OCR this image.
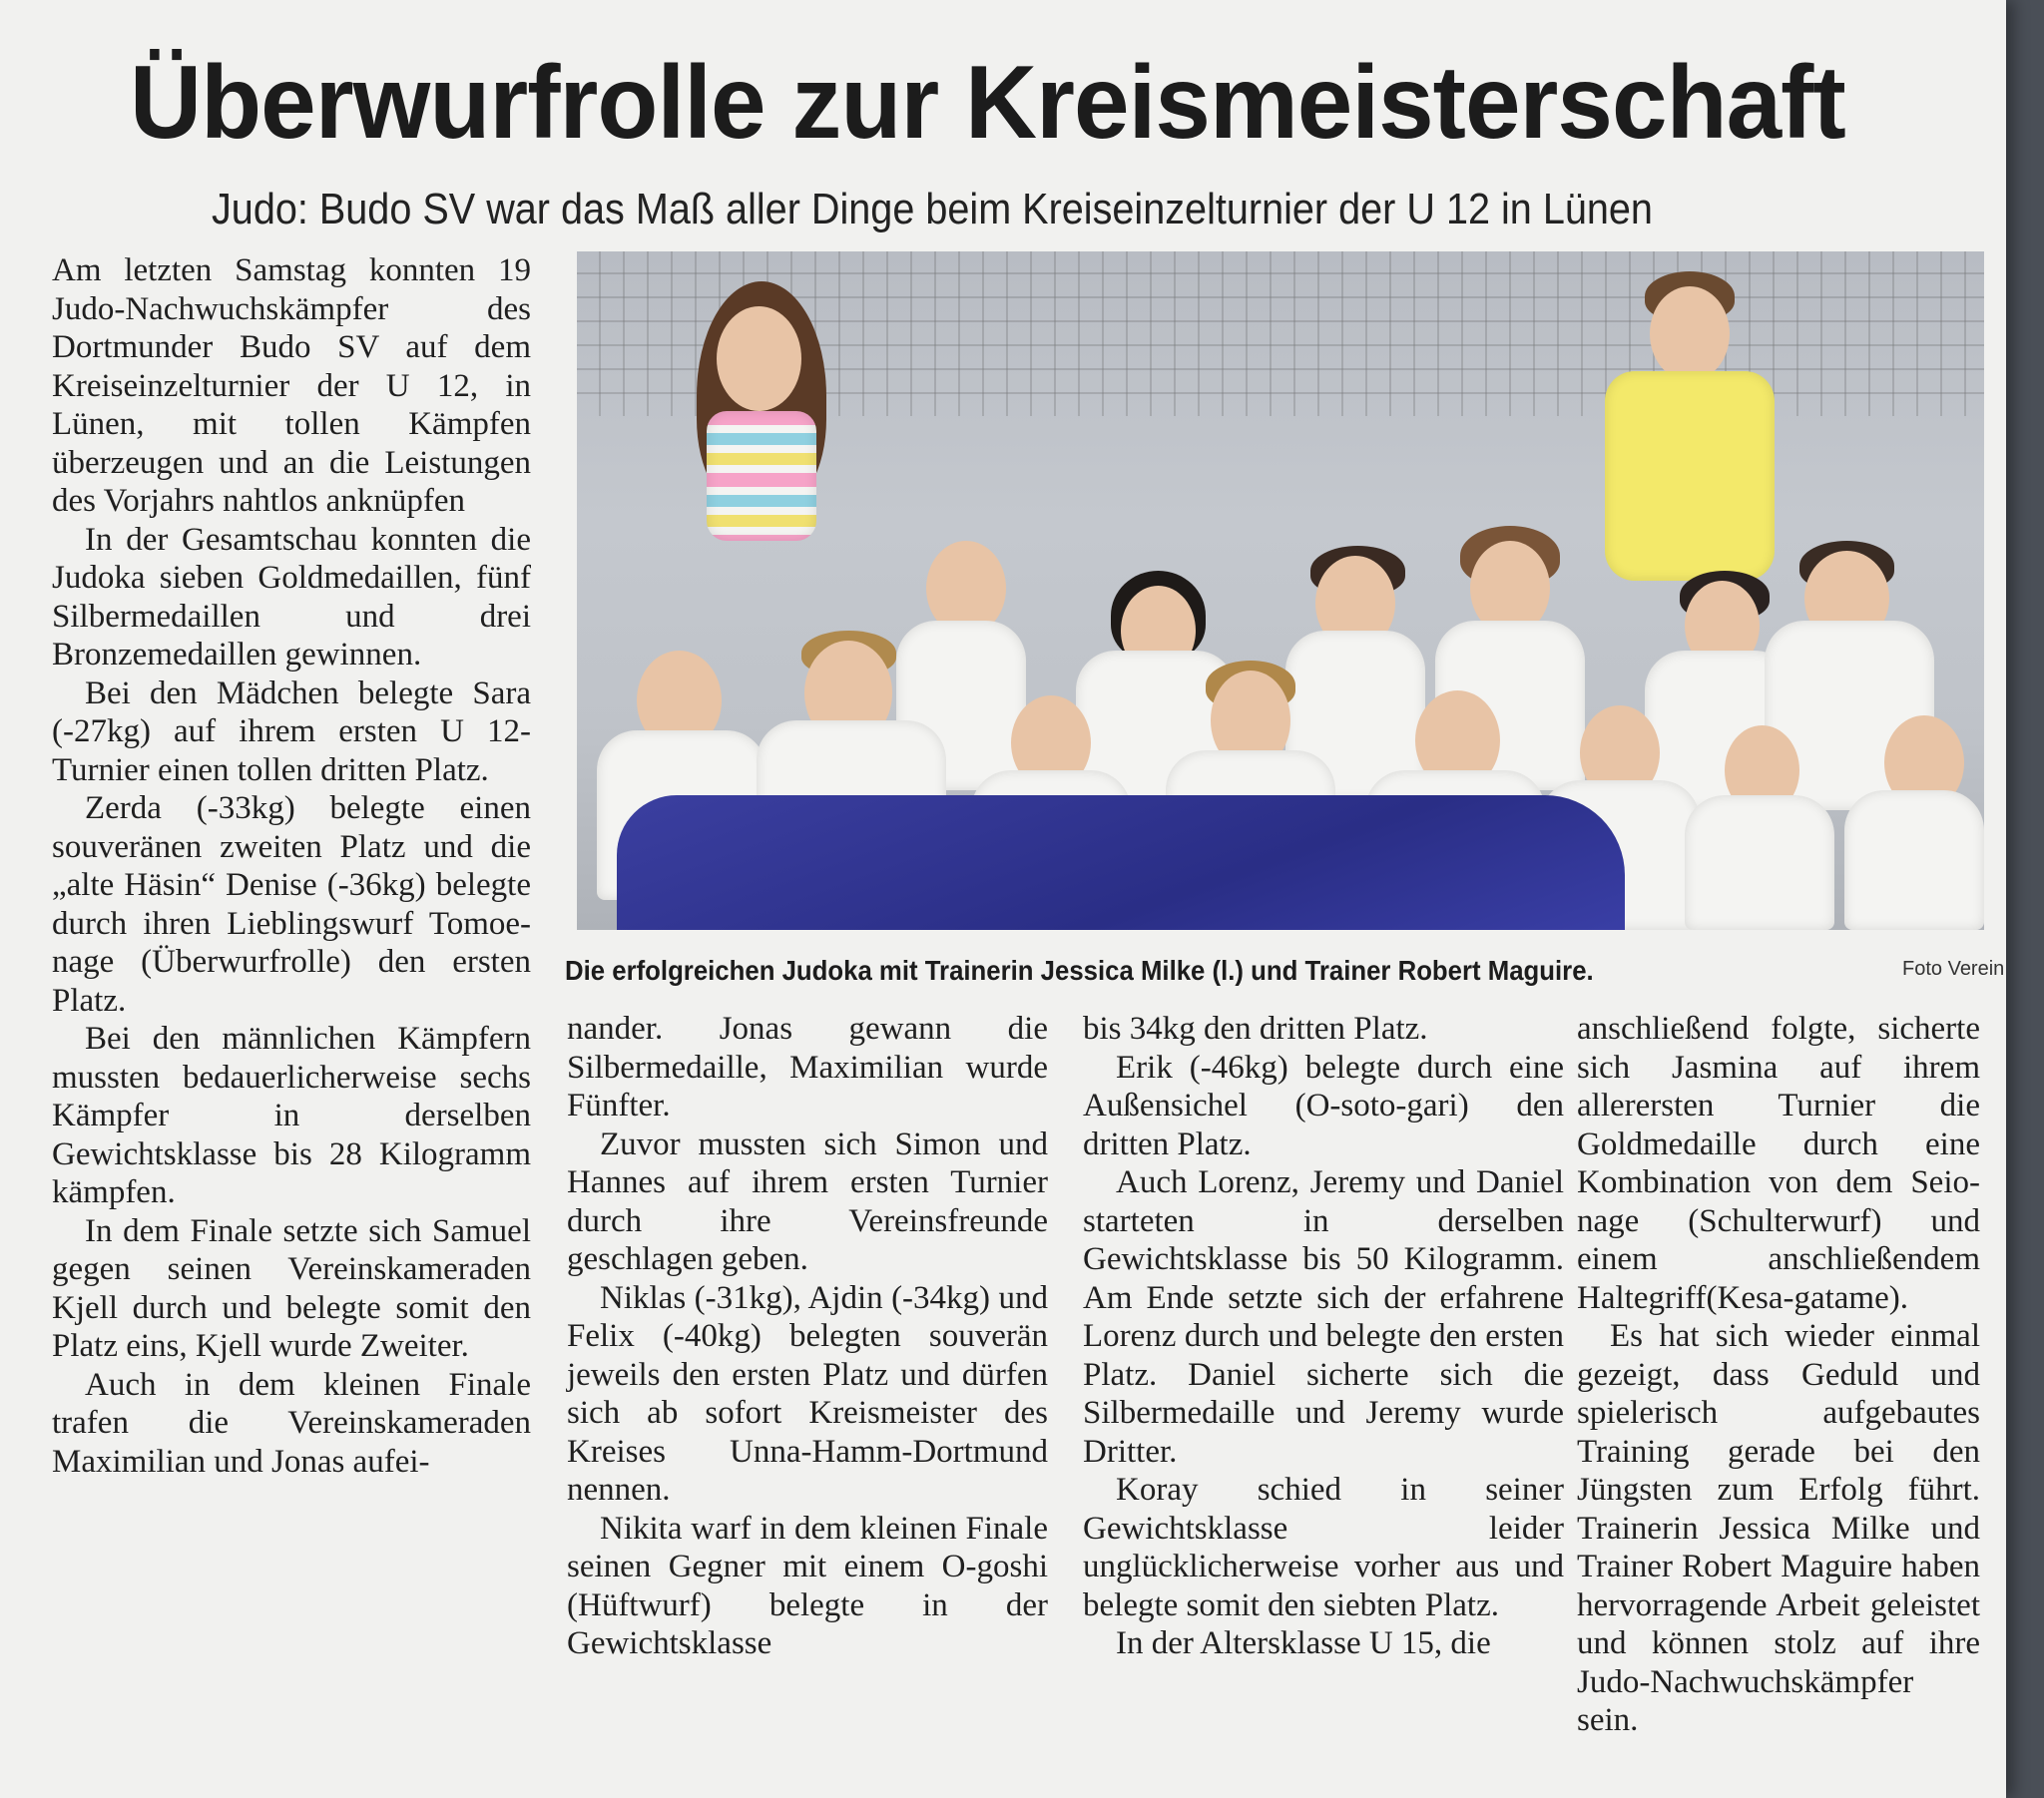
Überwurfrolle zur Kreismeisterschaft
Judo: Budo SV war das Maß aller Dinge beim Kreiseinzelturnier der U 12 in Lünen

Am letzten Samstag konnten 19 Judo-Nachwuchskämpfer des Dortmunder Budo SV auf dem Kreiseinzelturnier der U 12, in Lünen, mit tollen Kämpfen überzeugen und an die Leistungen des Vorjahrs nahtlos anknüpfen

In der Gesamtschau konnten die Judoka sieben Goldmedaillen, fünf Silbermedaillen und drei Bronzemedaillen gewinnen.

Bei den Mädchen belegte Sara (-27kg) auf ihrem ersten U 12-Turnier einen tollen dritten Platz.

Zerda (-33kg) belegte einen souveränen zweiten Platz und die „alte Häsin“ Denise (-36kg) belegte durch ihren Lieblingswurf Tomoe-nage (Überwurfrolle) den ersten Platz.

Bei den männlichen Kämpfern mussten bedauerlicherweise sechs Kämpfer in derselben Gewichtsklasse bis 28 Kilogramm kämpfen.

In dem Finale setzte sich Samuel gegen seinen Vereinskameraden Kjell durch und belegte somit den Platz eins, Kjell wurde Zweiter.

Auch in dem kleinen Finale trafen die Vereinskameraden Maximilian und Jonas aufei-

Die erfolgreichen Judoka mit Trainerin Jessica Milke (l.) und Trainer Robert Maguire.	Foto Verein

nander. Jonas gewann die Silbermedaille, Maximilian wurde Fünfter.

Zuvor mussten sich Simon und Hannes auf ihrem ersten Turnier durch ihre Vereinsfreunde geschlagen geben.

Niklas (-31kg), Ajdin (-34kg) und Felix (-40kg) belegten souverän jeweils den ersten Platz und dürfen sich ab sofort Kreismeister des Kreises Unna-Hamm-Dortmund nennen.

Nikita warf in dem kleinen Finale seinen Gegner mit einem O-goshi (Hüftwurf) belegte in der Gewichtsklasse

bis 34kg den dritten Platz.

Erik (-46kg) belegte durch eine Außensichel (O-soto-gari) den dritten Platz.

Auch Lorenz, Jeremy und Daniel starteten in derselben Gewichtsklasse bis 50 Kilogramm. Am Ende setzte sich der erfahrene Lorenz durch und belegte den ersten Platz. Daniel sicherte sich die Silbermedaille und Jeremy wurde Dritter.

Koray schied in seiner Gewichtsklasse leider unglücklicherweise vorher aus und belegte somit den siebten Platz.

In der Altersklasse U 15, die

anschließend folgte, sicherte sich Jasmina auf ihrem allerersten Turnier die Goldmedaille durch eine Kombination von dem Seio-nage (Schulterwurf) und einem anschließendem Haltegriff(Kesa-gatame).

Es hat sich wieder einmal gezeigt, dass Geduld und spielerisch aufgebautes Training gerade bei den Jüngsten zum Erfolg führt. Trainerin Jessica Milke und Trainer Robert Maguire haben hervorragende Arbeit geleistet und können stolz auf ihre Judo-Nachwuchskämpfer sein.
